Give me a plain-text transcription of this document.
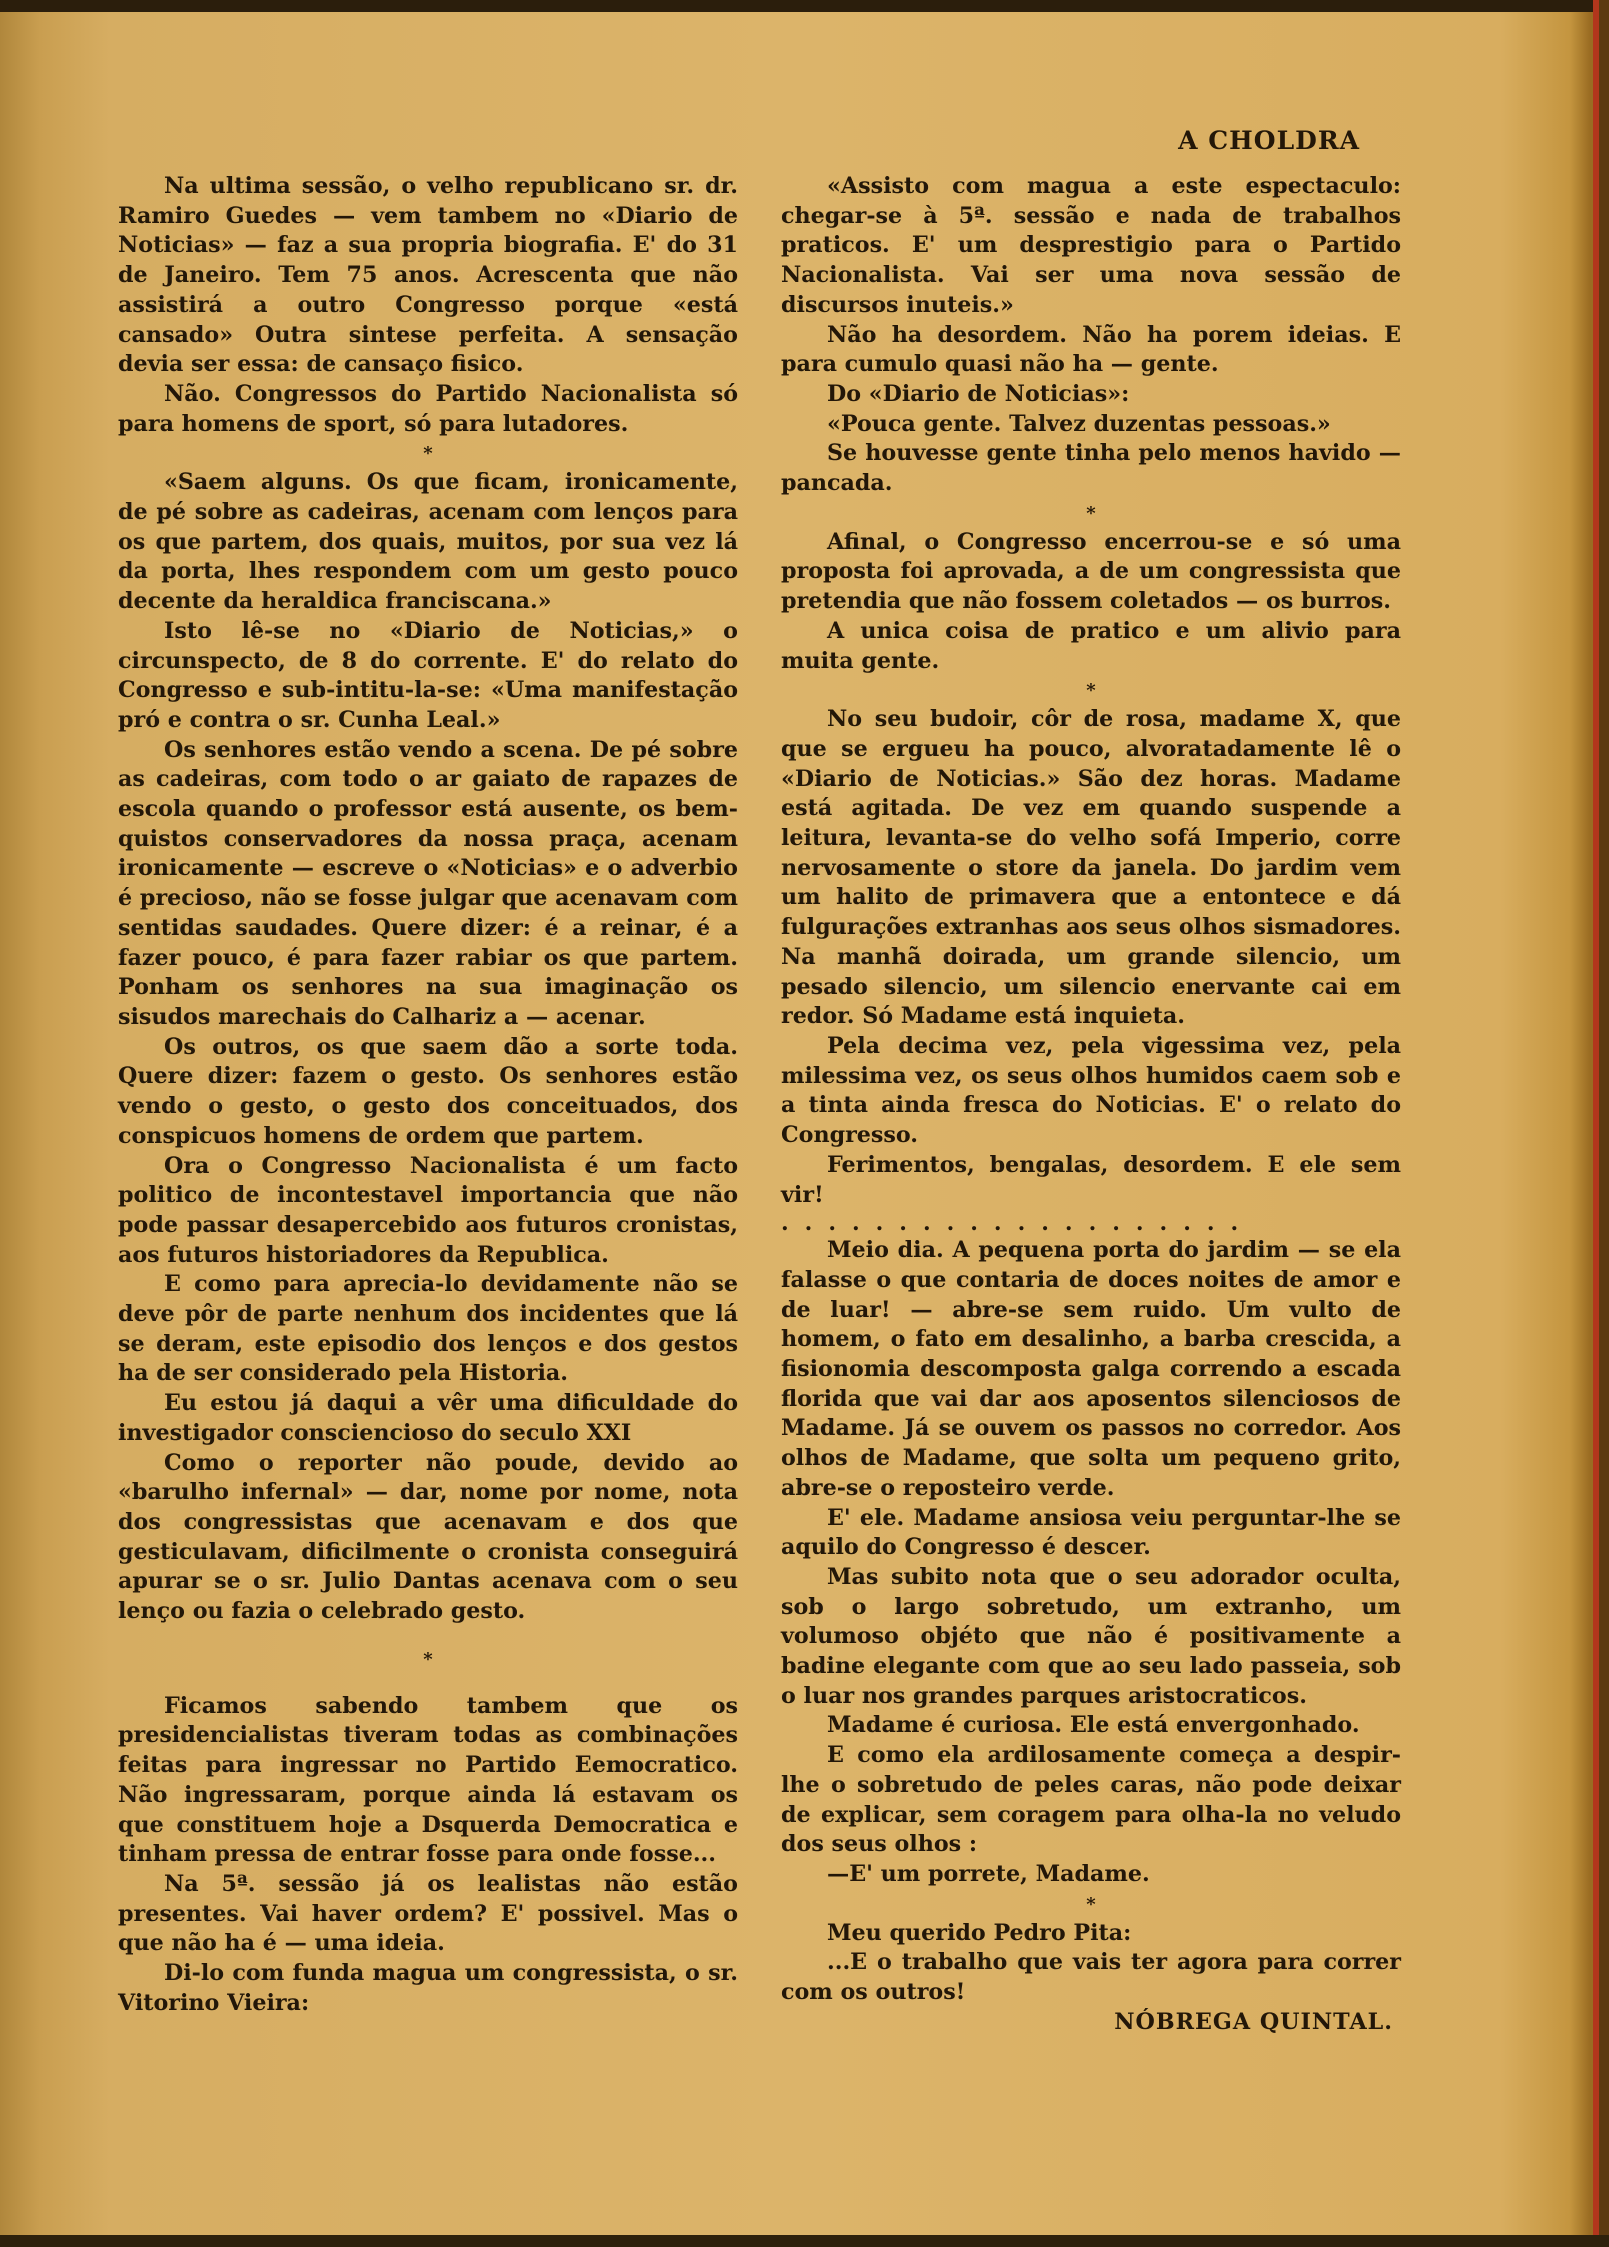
A CHOLDRA

Na ultima sessão, o velho republicano sr. dr. Ramiro Guedes — vem tambem no «Diario de Noticias» — faz a sua propria biografia. E' do 31 de Janeiro. Tem 75 anos. Acrescenta que não assistirá a outro Congresso porque «está cansado» Outra sintese perfeita. A sensação devia ser essa: de cansaço fisico.

Não. Congressos do Partido Nacionalista só para homens de sport, só para lutadores.

*

«Saem alguns. Os que ficam, ironicamente, de pé sobre as cadeiras, acenam com lenços para os que partem, dos quais, muitos, por sua vez lá da porta, lhes respondem com um gesto pouco decente da heraldica franciscana.»

Isto lê-se no «Diario de Noticias,» o circunspecto, de 8 do corrente. E' do relato do Congresso e sub-intitu-la-se: «Uma manifestação pró e contra o sr. Cunha Leal.»

Os senhores estão vendo a scena. De pé sobre as cadeiras, com todo o ar gaiato de rapazes de escola quando o professor está ausente, os bem-quistos conservadores da nossa praça, acenam ironicamente — escreve o «Noticias» e o adverbio é precioso, não se fosse julgar que acenavam com sentidas saudades. Quere dizer: é a reinar, é a fazer pouco, é para fazer rabiar os que partem. Ponham os senhores na sua imaginação os sisudos marechais do Calhariz a — acenar.

Os outros, os que saem dão a sorte toda. Quere dizer: fazem o gesto. Os senhores estão vendo o gesto, o gesto dos conceituados, dos conspicuos homens de ordem que partem.

Ora o Congresso Nacionalista é um facto politico de incontestavel importancia que não pode passar desapercebido aos futuros cronistas, aos futuros historiadores da Republica.

E como para aprecia-lo devidamente não se deve pôr de parte nenhum dos incidentes que lá se deram, este episodio dos lenços e dos gestos ha de ser considerado pela Historia.

Eu estou já daqui a vêr uma dificuldade do investigador consciencioso do seculo XXI

Como o reporter não poude, devido ao «barulho infernal» — dar, nome por nome, nota dos congressistas que acenavam e dos que gesticulavam, dificilmente o cronista conseguirá apurar se o sr. Julio Dantas acenava com o seu lenço ou fazia o celebrado gesto.

*

Ficamos sabendo tambem que os presidencialistas tiveram todas as combinações feitas para ingressar no Partido Eemocratico. Não ingressaram, porque ainda lá estavam os que constituem hoje a Dsquerda Democratica e tinham pressa de entrar fosse para onde fosse...

Na 5ª. sessão já os lealistas não estão presentes. Vai haver ordem? E' possivel. Mas o que não ha é — uma ideia.

Di-lo com funda magua um congressista, o sr. Vitorino Vieira:

«Assisto com magua a este espectaculo: chegar-se à 5ª. sessão e nada de trabalhos praticos. E' um desprestigio para o Partido Nacionalista. Vai ser uma nova sessão de discursos inuteis.»

Não ha desordem. Não ha porem ideias. E para cumulo quasi não ha — gente.

Do «Diario de Noticias»:

«Pouca gente. Talvez duzentas pessoas.»

Se houvesse gente tinha pelo menos havido — pancada.

*

Afinal, o Congresso encerrou-se e só uma proposta foi aprovada, a de um congressista que pretendia que não fossem coletados — os burros.

A unica coisa de pratico e um alivio para muita gente.

*

No seu budoir, côr de rosa, madame X, que que se ergueu ha pouco, alvoratadamente lê o «Diario de Noticias.» São dez horas. Madame está agitada. De vez em quando suspende a leitura, levanta-se do velho sofá Imperio, corre nervosamente o store da janela. Do jardim vem um halito de primavera que a entontece e dá fulgurações extranhas aos seus olhos sismadores. Na manhã doirada, um grande silencio, um pesado silencio, um silencio enervante cai em redor. Só Madame está inquieta.

Pela decima vez, pela vigessima vez, pela milessima vez, os seus olhos humidos caem sob e a tinta ainda fresca do Noticias. E' o relato do Congresso.

Ferimentos, bengalas, desordem. E ele sem vir!

....................

Meio dia. A pequena porta do jardim — se ela falasse o que contaria de doces noites de amor e de luar! — abre-se sem ruido. Um vulto de homem, o fato em desalinho, a barba crescida, a fisionomia descomposta galga correndo a escada florida que vai dar aos aposentos silenciosos de Madame. Já se ouvem os passos no corredor. Aos olhos de Madame, que solta um pequeno grito, abre-se o reposteiro verde.

E' ele. Madame ansiosa veiu perguntar-lhe se aquilo do Congresso é descer.

Mas subito nota que o seu adorador oculta, sob o largo sobretudo, um extranho, um volumoso objéto que não é positivamente a badine elegante com que ao seu lado passeia, sob o luar nos grandes parques aristocraticos.

Madame é curiosa. Ele está envergonhado.

E como ela ardilosamente começa a despir-lhe o sobretudo de peles caras, não pode deixar de explicar, sem coragem para olha-la no veludo dos seus olhos :

—E' um porrete, Madame.

*

Meu querido Pedro Pita:

...E o trabalho que vais ter agora para correr com os outros!

NÓBREGA QUINTAL.
